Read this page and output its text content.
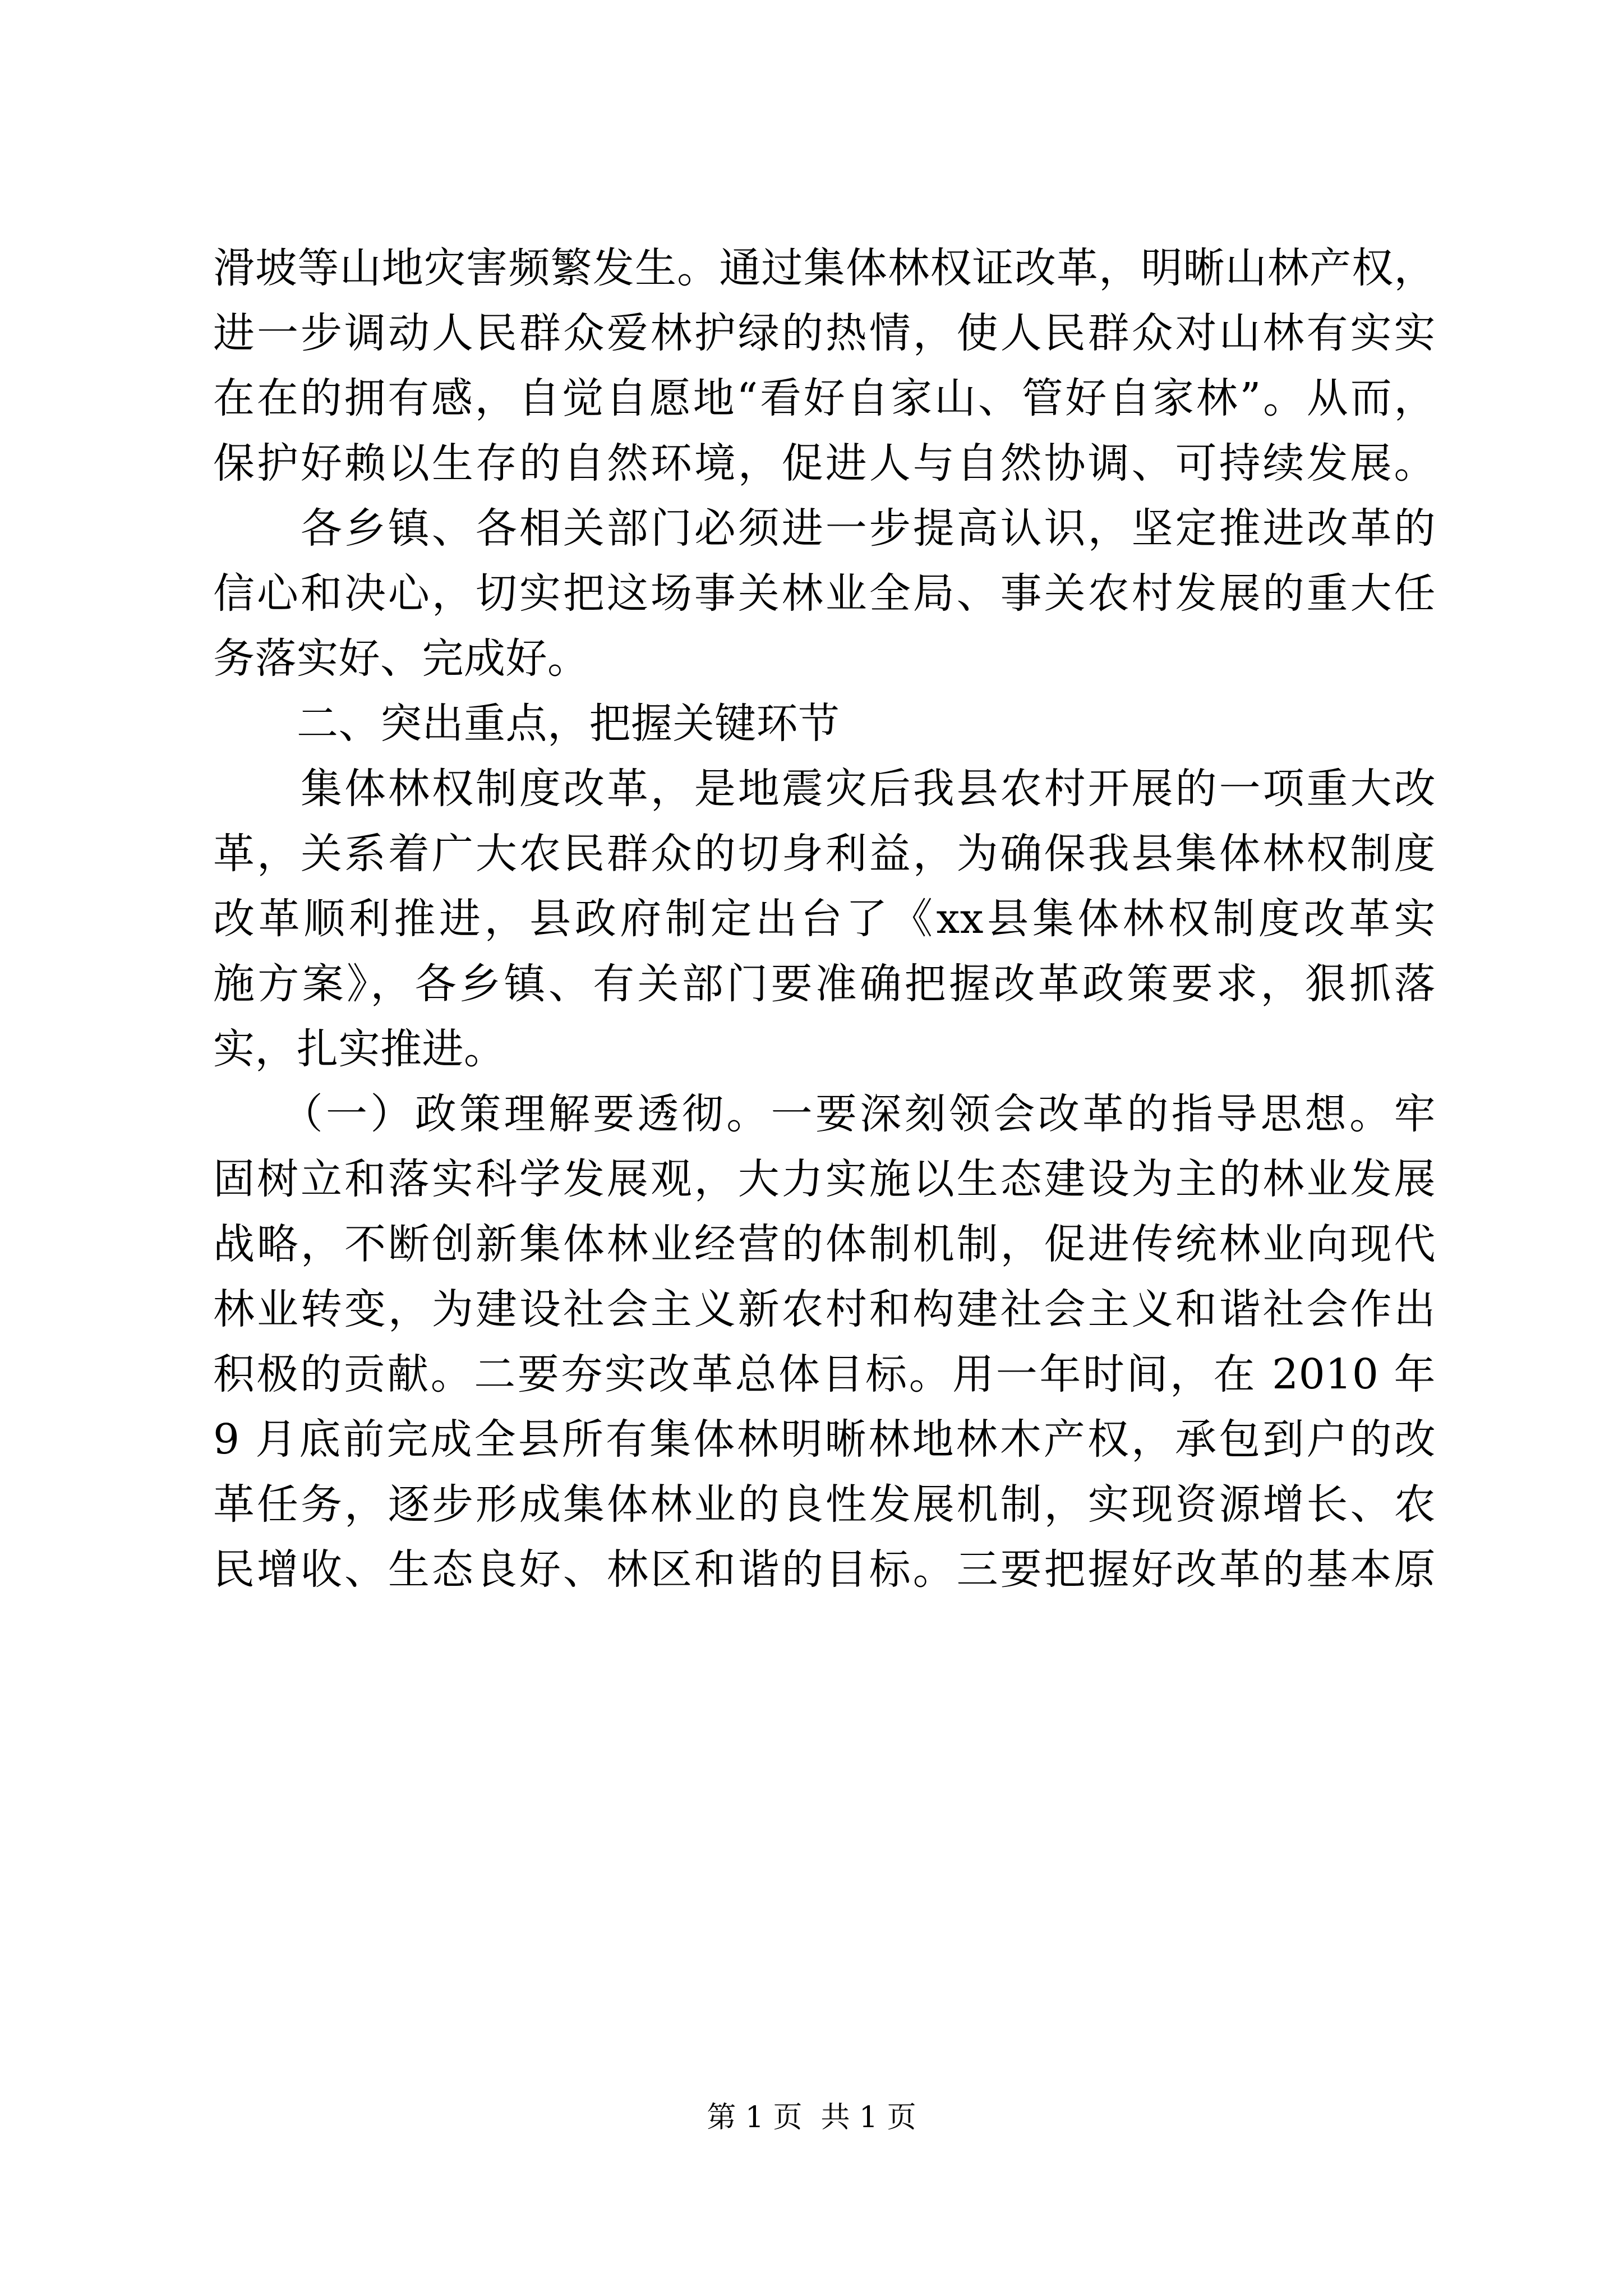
滑坡等山地灾害频繁发生。通过集体林权证改革，明晰山林产权，
进一步调动人民群众爱林护绿的热情，使人民群众对山林有实实
在在的拥有感，自觉自愿地“看好自家山、管好自家林”。从而，
保护好赖以生存的自然环境，促进人与自然协调、可持续发展。
　　各乡镇、各相关部门必须进一步提高认识，坚定推进改革的
信心和决心，切实把这场事关林业全局、事关农村发展的重大任
务落实好、完成好。
　　二、突出重点，把握关键环节
　　集体林权制度改革，是地震灾后我县农村开展的一项重大改
革，关系着广大农民群众的切身利益，为确保我县集体林权制度
改革顺利推进，县政府制定出台了《xx县集体林权制度改革实
施方案》，各乡镇、有关部门要准确把握改革政策要求，狠抓落
实，扎实推进。
　　（一）政策理解要透彻。一要深刻领会改革的指导思想。牢
固树立和落实科学发展观，大力实施以生态建设为主的林业发展
战略，不断创新集体林业经营的体制机制，促进传统林业向现代
林业转变，为建设社会主义新农村和构建社会主义和谐社会作出
积极的贡献。二要夯实改革总体目标。用一年时间，在 2010 年
9 月底前完成全县所有集体林明晰林地林木产权，承包到户的改
革任务，逐步形成集体林业的良性发展机制，实现资源增长、农
民增收、生态良好、林区和谐的目标。三要把握好改革的基本原
第 1 页  共 1 页
